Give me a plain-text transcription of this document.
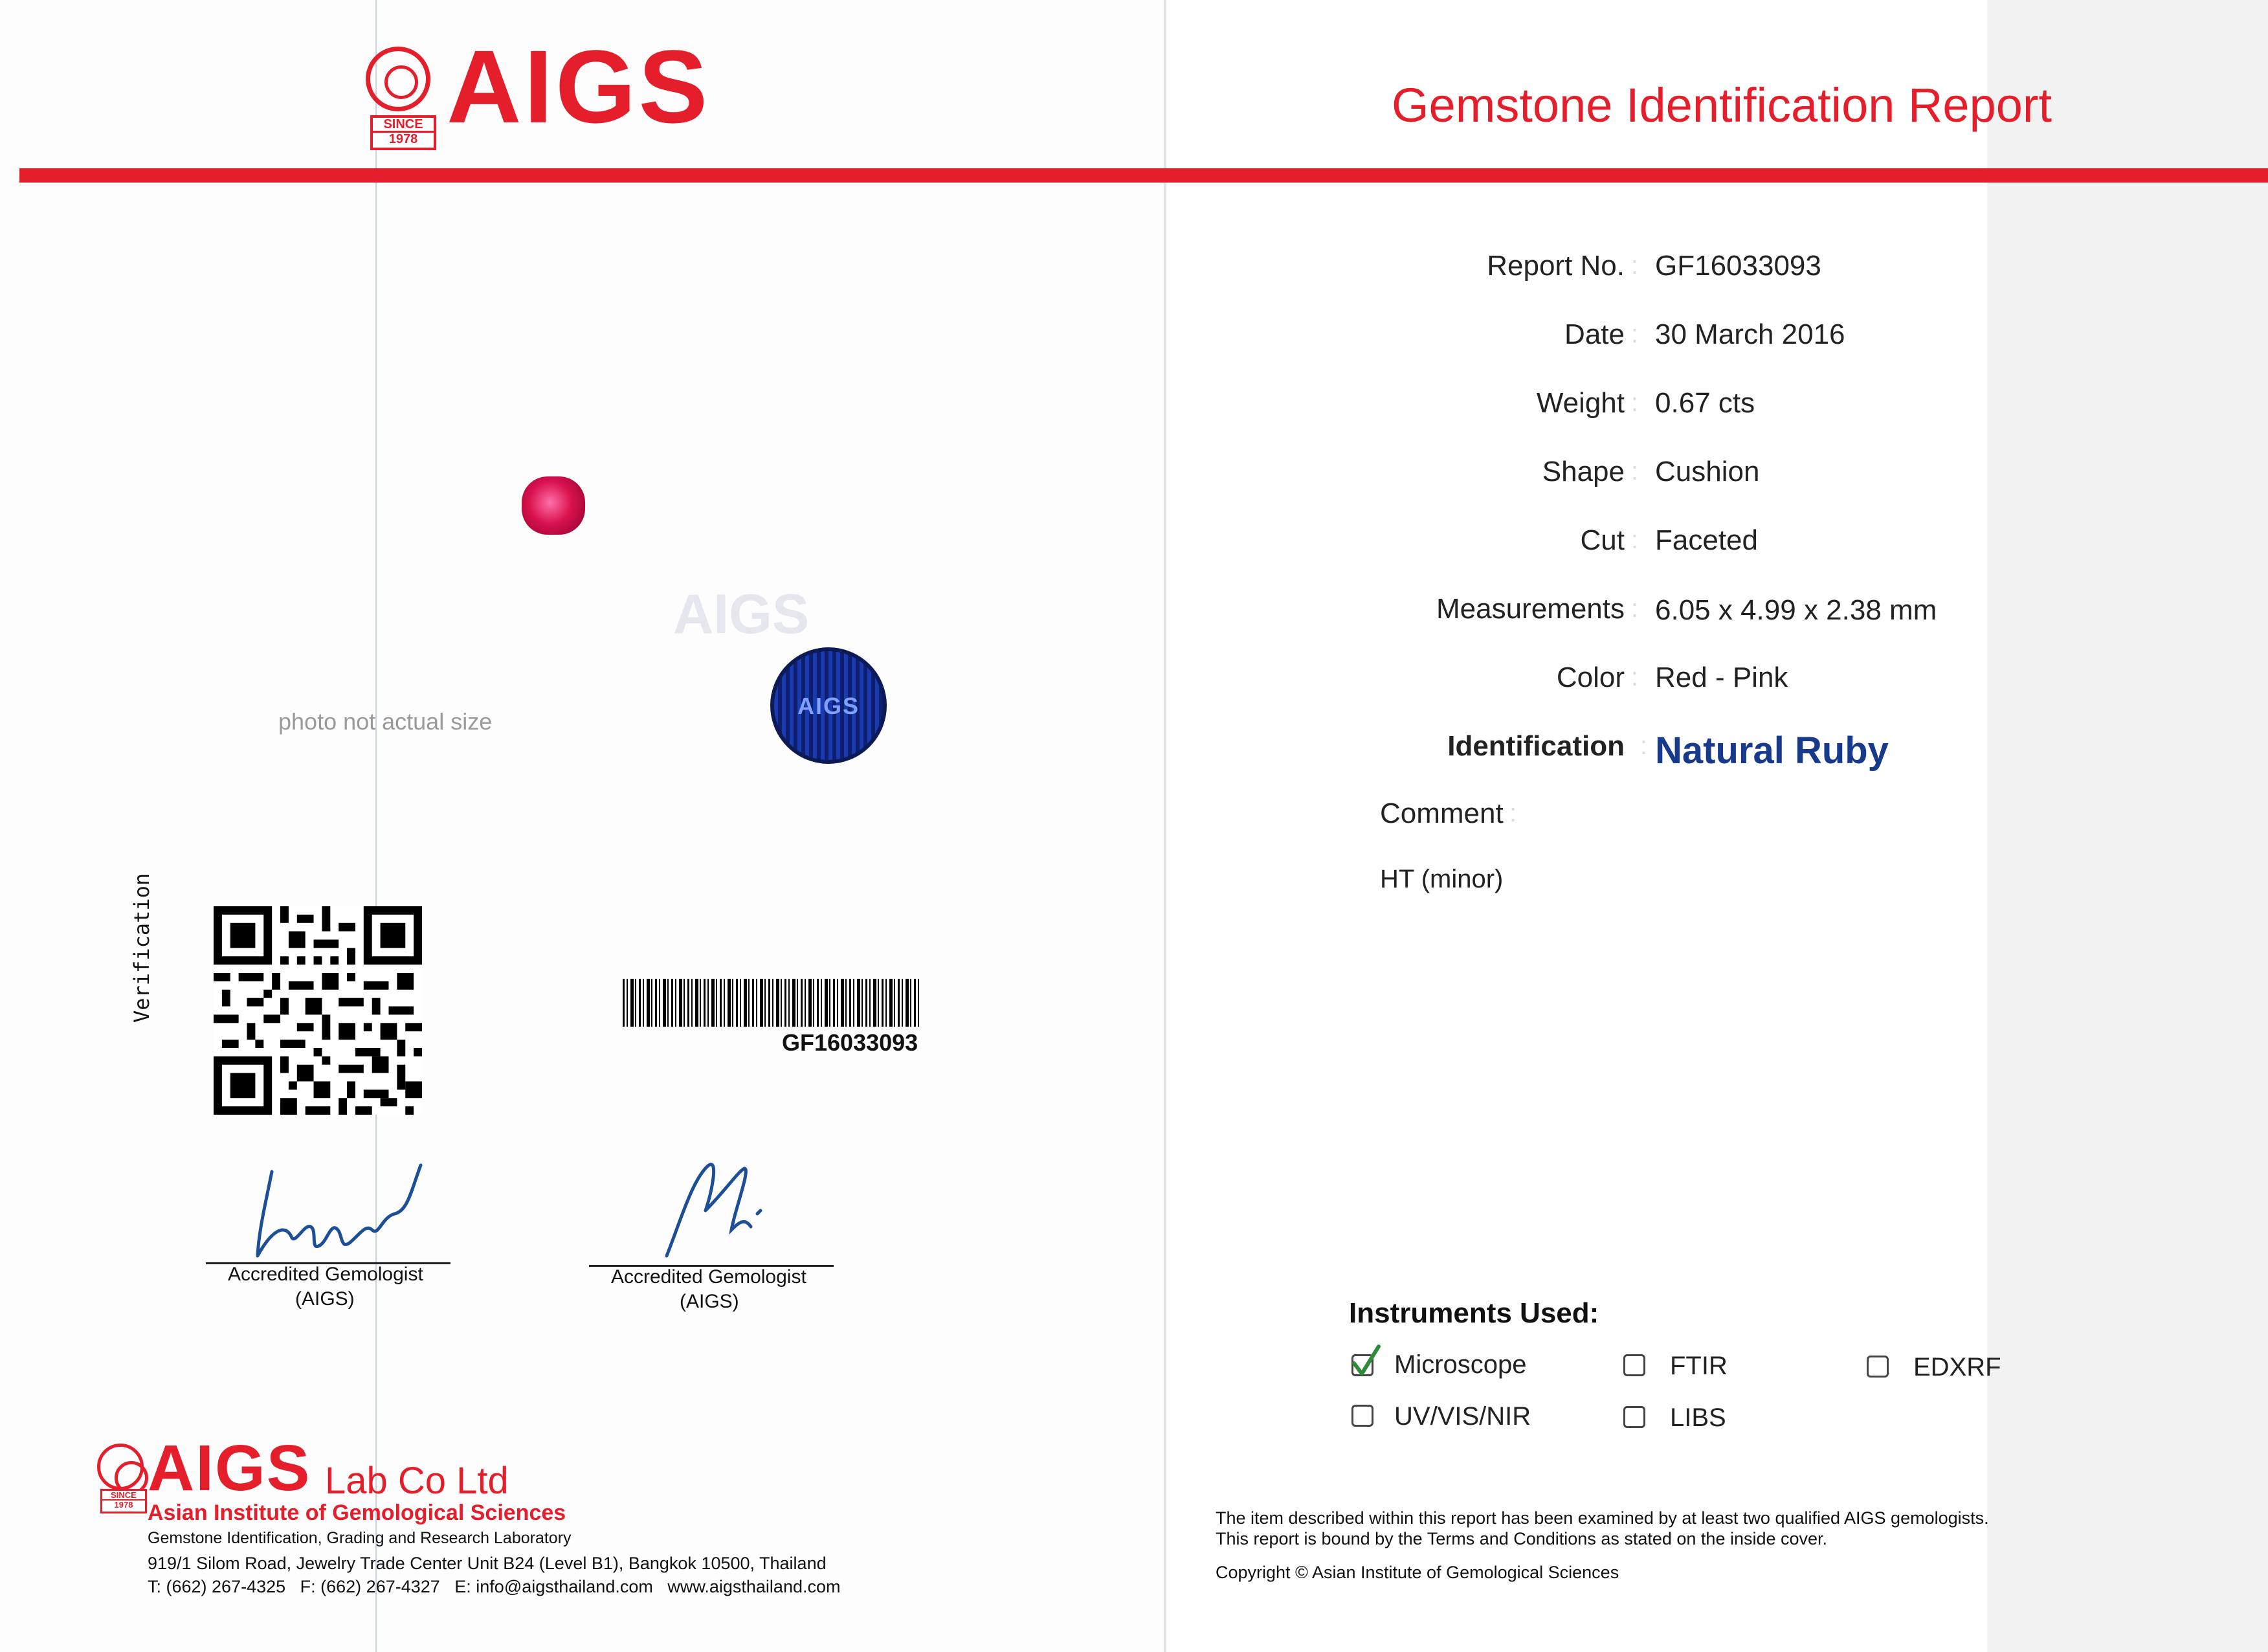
SINCE
1978 AIGS	Gemstone Identification Report
AIGS
photo not actual size
AIGS
Verification
GF16033093
Accredited Gemologist
(AIGS)
Accredited Gemologist
(AIGS)
SINCE
1978
AIGS Lab Co Ltd
Asian Institute of Gemological Sciences
Gemstone Identification, Grading and Research Laboratory
919/1 Silom Road, Jewelry Trade Center Unit B24 (Level B1), Bangkok 10500, Thailand
T: (662) 267-4325   F: (662) 267-4327   E: info@aigsthailand.com   www.aigsthailand.com
Report No. : GF16033093
Date : 30 March 2016
Weight : 0.67 cts
Shape : Cushion
Cut : Faceted
Measurements : 6.05 x 4.99 x 2.38 mm
Color : Red - Pink
Identification : Natural Ruby
Comment :
HT (minor)
Instruments Used:
Microscope	FTIR	EDXRF
UV/VIS/NIR	LIBS
The item described within this report has been examined by at least two qualified AIGS gemologists.
This report is bound by the Terms and Conditions as stated on the inside cover.
Copyright © Asian Institute of Gemological Sciences
